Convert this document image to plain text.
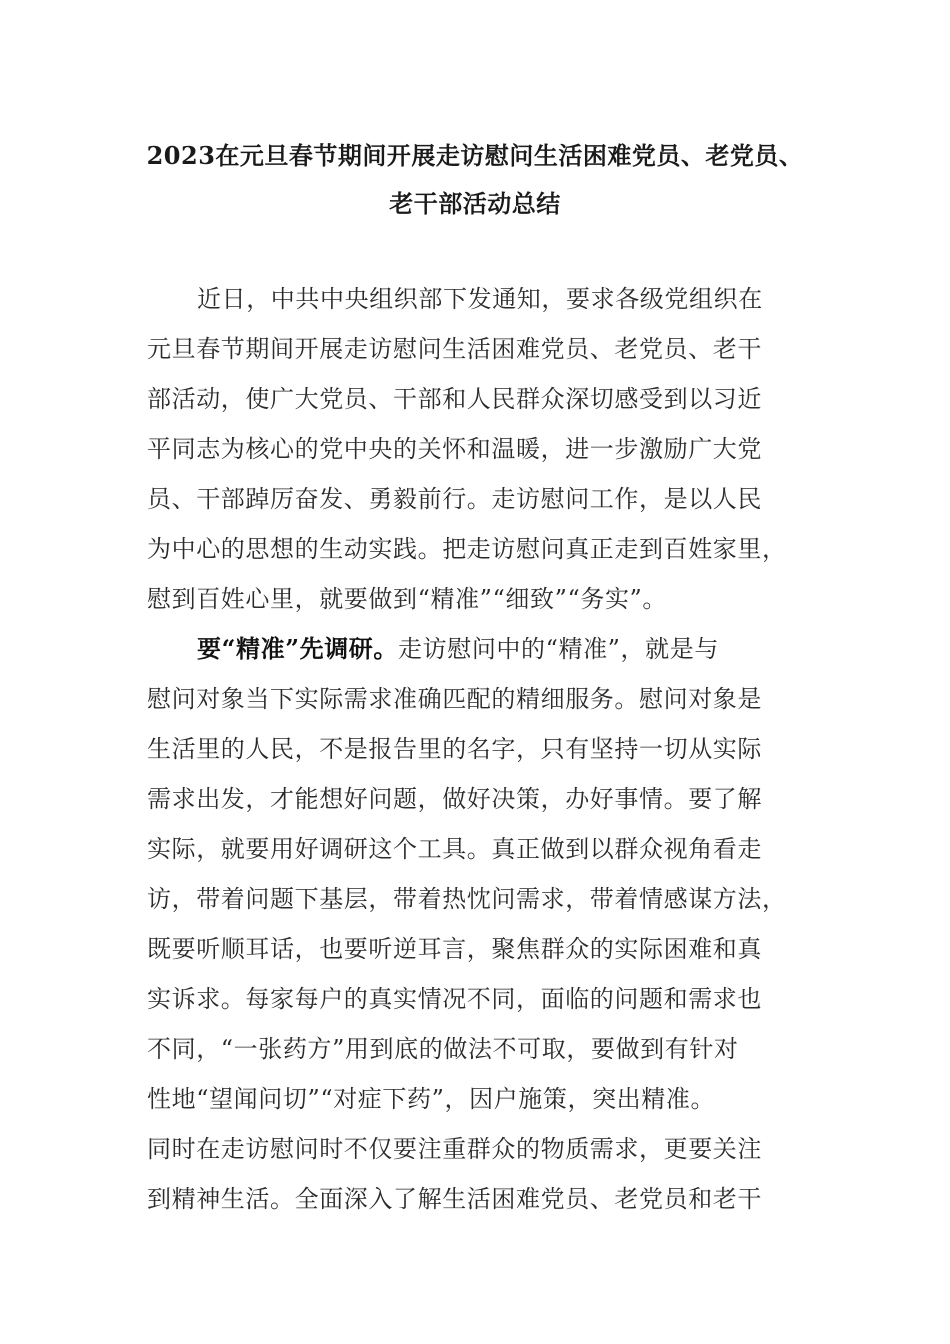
2023在元旦春节期间开展走访慰问生活困难党员、老党员、
老干部活动总结
近日，中共中央组织部下发通知，要求各级党组织在
元旦春节期间开展走访慰问生活困难党员、老党员、老干
部活动，使广大党员、干部和人民群众深切感受到以习近
平同志为核心的党中央的关怀和温暖，进一步激励广大党
员、干部踔厉奋发、勇毅前行。走访慰问工作，是以人民
为中心的思想的生动实践。把走访慰问真正走到百姓家里，
慰到百姓心里，就要做到“精准”“细致”“务实”。
要“精准”先调研。走访慰问中的“精准”，就是与
慰问对象当下实际需求准确匹配的精细服务。慰问对象是
生活里的人民，不是报告里的名字，只有坚持一切从实际
需求出发，才能想好问题，做好决策，办好事情。要了解
实际，就要用好调研这个工具。真正做到以群众视角看走
访，带着问题下基层，带着热忱问需求，带着情感谋方法，
既要听顺耳话，也要听逆耳言，聚焦群众的实际困难和真
实诉求。每家每户的真实情况不同，面临的问题和需求也
不同，“一张药方”用到底的做法不可取，要做到有针对
性地“望闻问切”“对症下药”，因户施策，突出精准。
同时在走访慰问时不仅要注重群众的物质需求，更要关注
到精神生活。全面深入了解生活困难党员、老党员和老干
